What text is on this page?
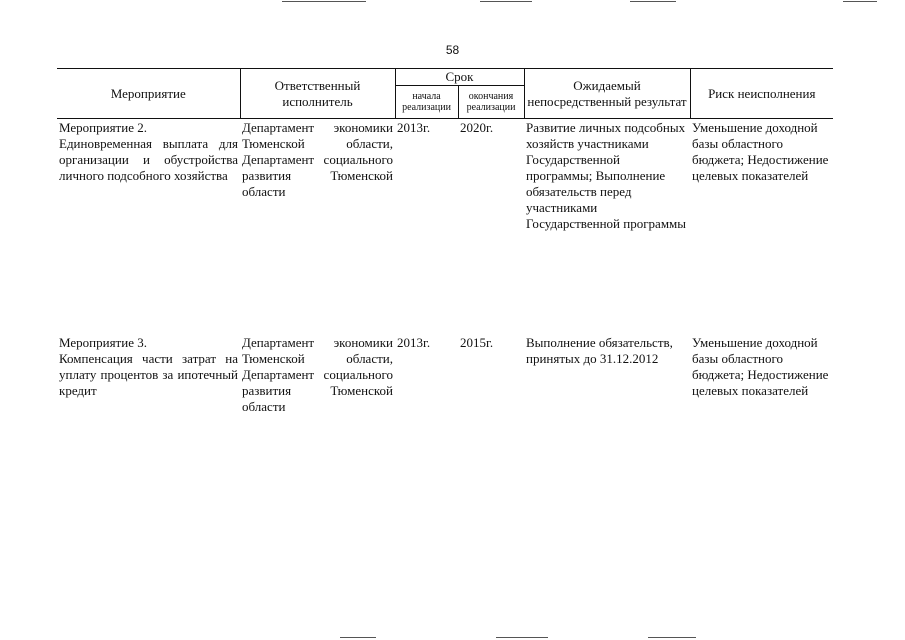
58
Мероприятие	Ответственный исполнитель	Срок		Ожидаемый непосредственный результат	Риск неисполнения
		начала реализации	окончания реализации		

Мероприятие 2.
Единовременная выплата для организации и обустройства личного подсобного хозяйства	Департамент экономики Тюменской области, Департамент социального развития Тюменской области	2013г.	2020г.	Развитие личных подсобных хозяйств участниками Государственной программы; Выполнение обязательств перед участниками Государственной программы	Уменьшение доходной базы областного бюджета; Недостижение целевых показателей

Мероприятие 3.
Компенсация части затрат на уплату процентов за ипотечный кредит	Департамент экономики Тюменской области, Департамент социального развития Тюменской области	2013г.	2015г.	Выполнение обязательств, принятых до 31.12.2012	Уменьшение доходной базы областного бюджета; Недостижение целевых показателей
